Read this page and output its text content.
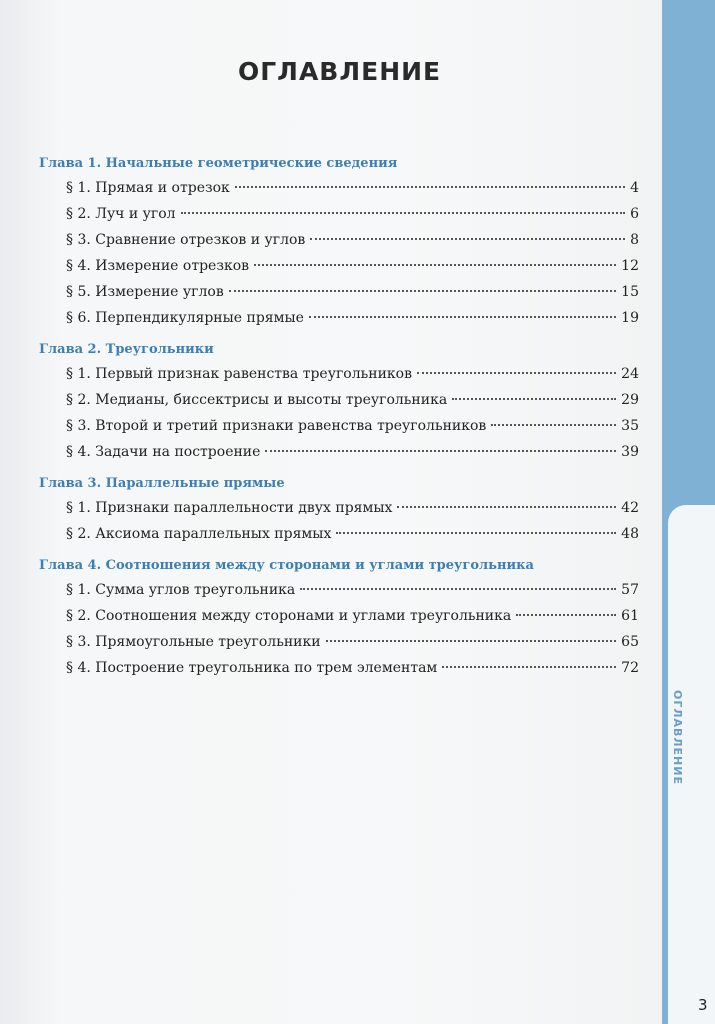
ОГЛАВЛЕНИЕ
ОГЛАВЛЕНИЕ
Глава 1. Начальные геометрические сведения
§ 1. Прямая и отрезок	4
§ 2. Луч и угол	6
§ 3. Сравнение отрезков и углов	8
§ 4. Измерение отрезков	12
§ 5. Измерение углов	15
§ 6. Перпендикулярные прямые	19
Глава 2. Треугольники
§ 1. Первый признак равенства треугольников	24
§ 2. Медианы, биссектрисы и высоты треугольника	29
§ 3. Второй и третий признаки равенства треугольников	35
§ 4. Задачи на построение	39
Глава 3. Параллельные прямые
§ 1. Признаки параллельности двух прямых	42
§ 2. Аксиома параллельных прямых	48
Глава 4. Соотношения между сторонами и углами треугольника
§ 1. Сумма углов треугольника	57
§ 2. Соотношения между сторонами и углами треугольника	61
§ 3. Прямоугольные треугольники	65
§ 4. Построение треугольника по трем элементам	72
3
